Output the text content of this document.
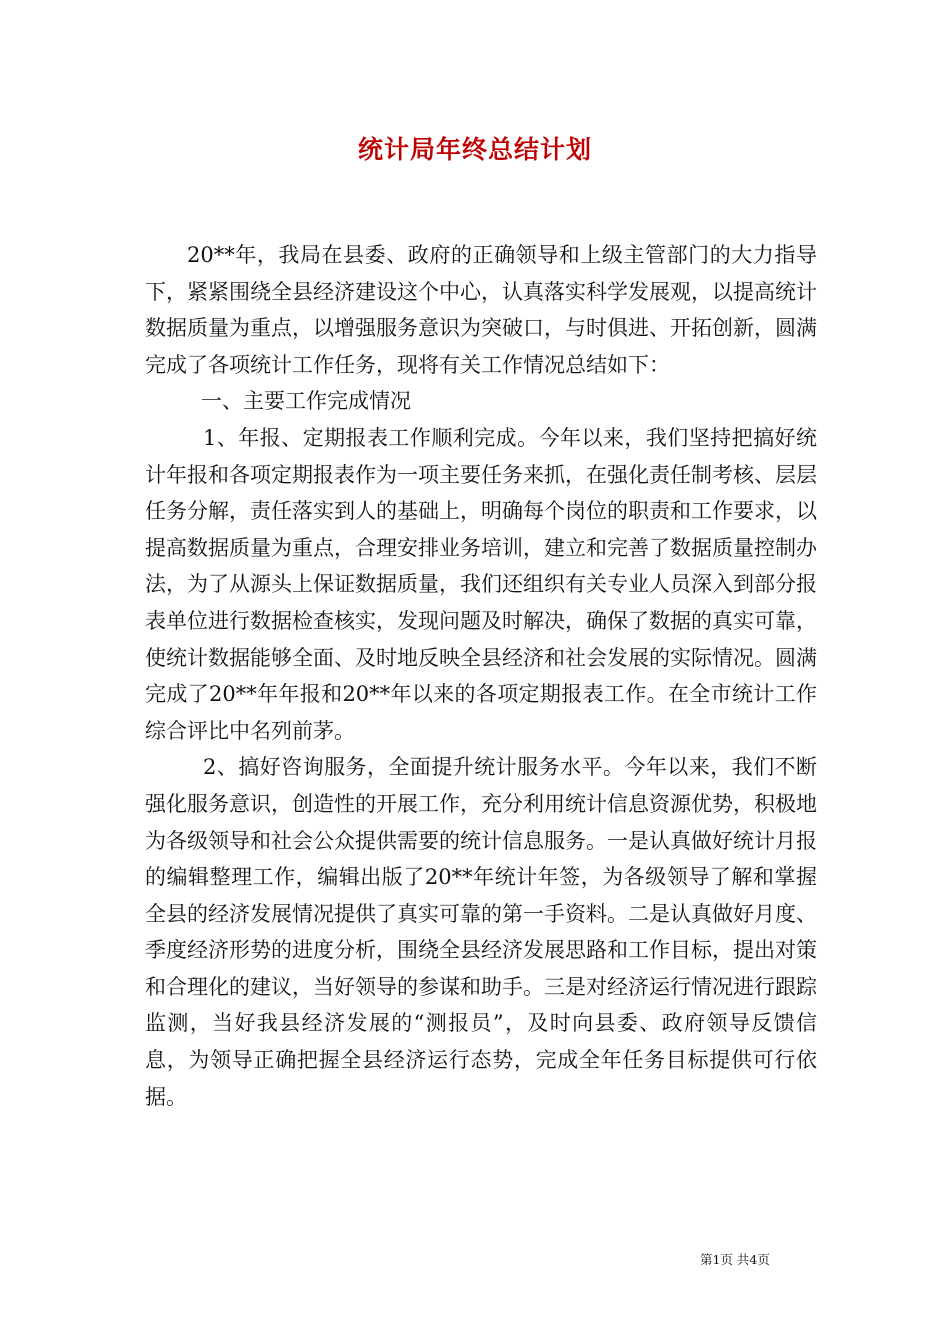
统计局年终总结计划

20**年，我局在县委、政府的正确领导和上级主管部门的大力指导下，紧紧围绕全县经济建设这个中心，认真落实科学发展观，以提高统计数据质量为重点，以增强服务意识为突破口，与时俱进、开拓创新，圆满完成了各项统计工作任务，现将有关工作情况总结如下：

一、主要工作完成情况

1、年报、定期报表工作顺利完成。今年以来，我们坚持把搞好统计年报和各项定期报表作为一项主要任务来抓，在强化责任制考核、层层任务分解，责任落实到人的基础上，明确每个岗位的职责和工作要求，以提高数据质量为重点，合理安排业务培训，建立和完善了数据质量控制办法，为了从源头上保证数据质量，我们还组织有关专业人员深入到部分报表单位进行数据检查核实，发现问题及时解决，确保了数据的真实可靠，使统计数据能够全面、及时地反映全县经济和社会发展的实际情况。圆满完成了20**年年报和20**年以来的各项定期报表工作。在全市统计工作综合评比中名列前茅。

2、搞好咨询服务，全面提升统计服务水平。今年以来，我们不断强化服务意识，创造性的开展工作，充分利用统计信息资源优势，积极地为各级领导和社会公众提供需要的统计信息服务。一是认真做好统计月报的编辑整理工作，编辑出版了20**年统计年签，为各级领导了解和掌握全县的经济发展情况提供了真实可靠的第一手资料。二是认真做好月度、季度经济形势的进度分析，围绕全县经济发展思路和工作目标，提出对策和合理化的建议，当好领导的参谋和助手。三是对经济运行情况进行跟踪监测，当好我县经济发展的“测报员”，及时向县委、政府领导反馈信息，为领导正确把握全县经济运行态势，完成全年任务目标提供可行依据。

第1页 共4页
